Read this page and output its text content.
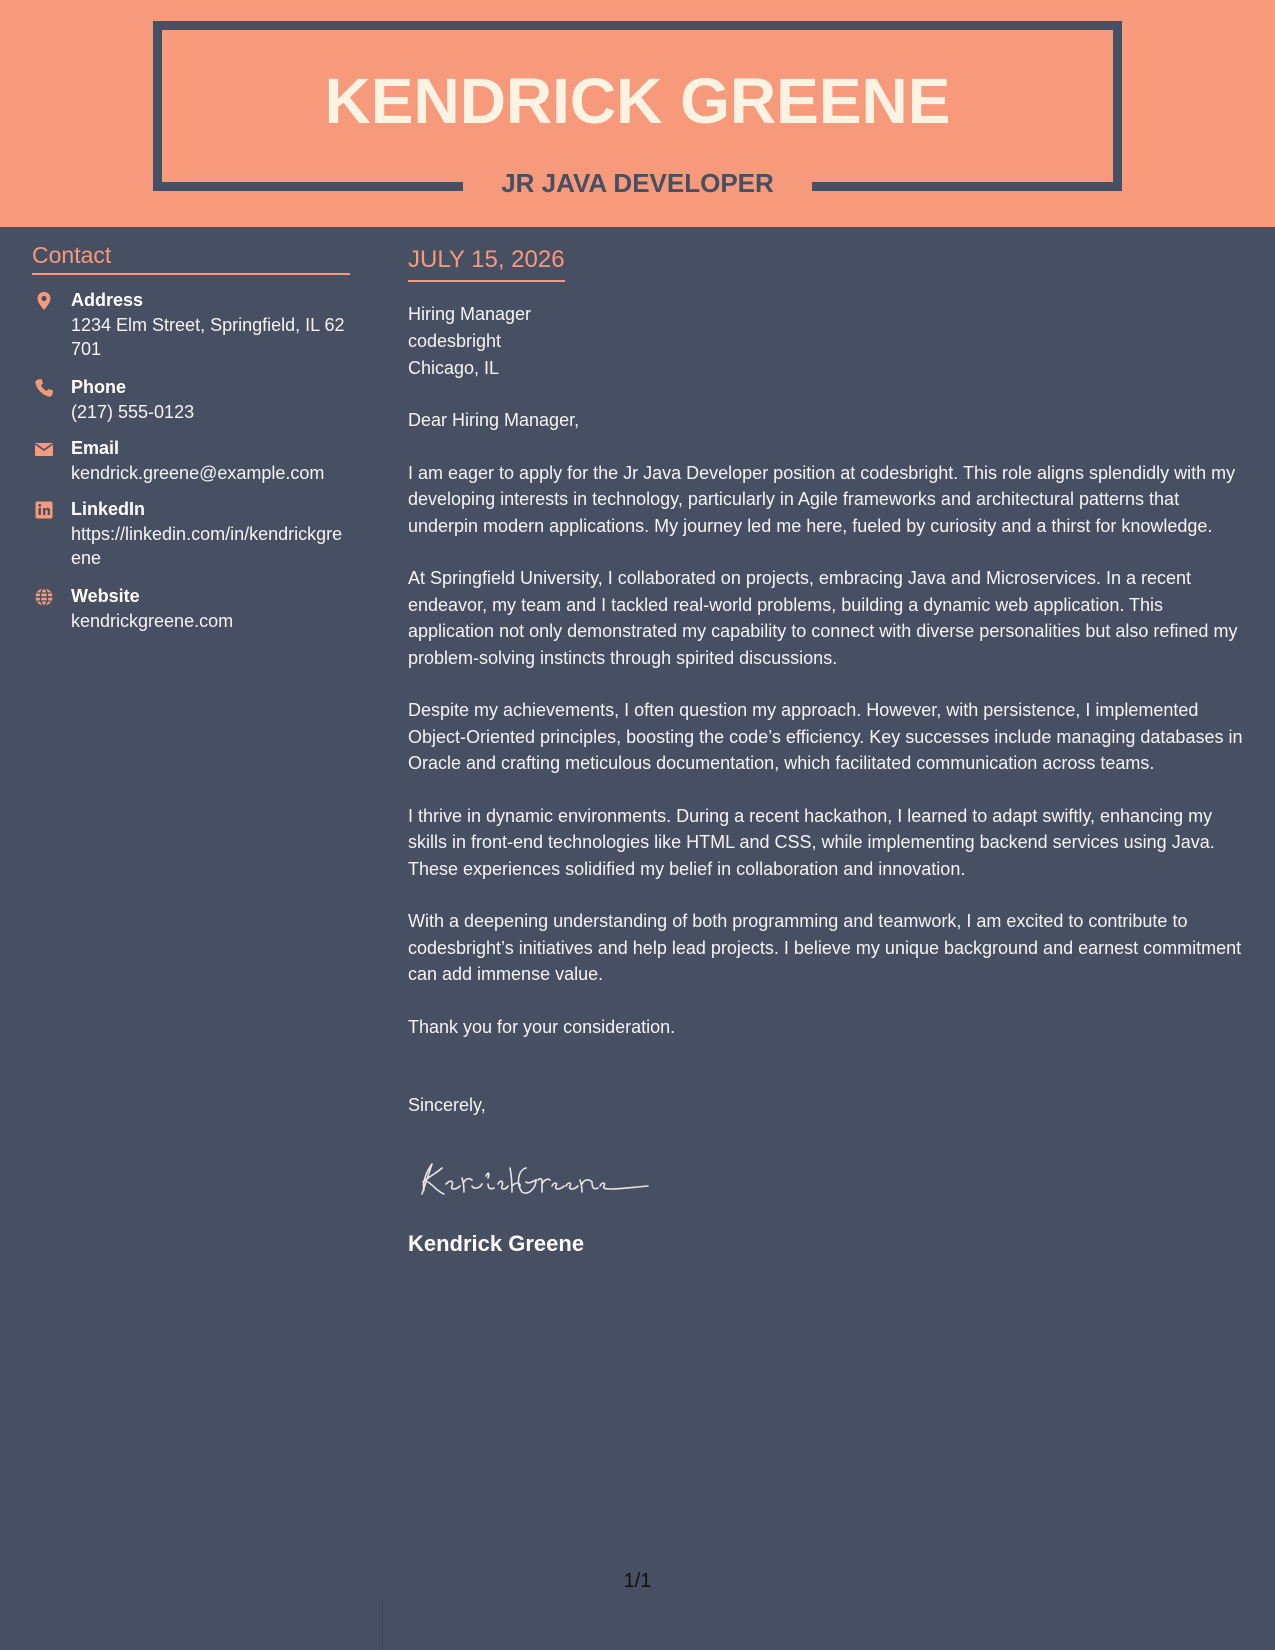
KENDRICK GREENE
JR JAVA DEVELOPER
Contact
Address
1234 Elm Street, Springfield, IL 62701
Phone
(217) 555-0123
Email
kendrick.greene@example.com
LinkedIn
https://linkedin.com/in/kendrickgreene
Website
kendrickgreene.com
JULY 15, 2026
Hiring Manager
codesbright
Chicago, IL

Dear Hiring Manager,

I am eager to apply for the Jr Java Developer position at codesbright. This role aligns splendidly with my developing interests in technology, particularly in Agile frameworks and architectural patterns that underpin modern applications. My journey led me here, fueled by curiosity and a thirst for knowledge.

At Springfield University, I collaborated on projects, embracing Java and Microservices. In a recent endeavor, my team and I tackled real-world problems, building a dynamic web application. This application not only demonstrated my capability to connect with diverse personalities but also refined my problem-solving instincts through spirited discussions.

Despite my achievements, I often question my approach. However, with persistence, I implemented Object-Oriented principles, boosting the code’s efficiency. Key successes include managing databases in Oracle and crafting meticulous documentation, which facilitated communication across teams.

I thrive in dynamic environments. During a recent hackathon, I learned to adapt swiftly, enhancing my skills in front-end technologies like HTML and CSS, while implementing backend services using Java. These experiences solidified my belief in collaboration and innovation.

With a deepening understanding of both programming and teamwork, I am excited to contribute to codesbright’s initiatives and help lead projects. I believe my unique background and earnest commitment can add immense value.

Thank you for your consideration.

Sincerely,
Kendrick Greene
1/1
